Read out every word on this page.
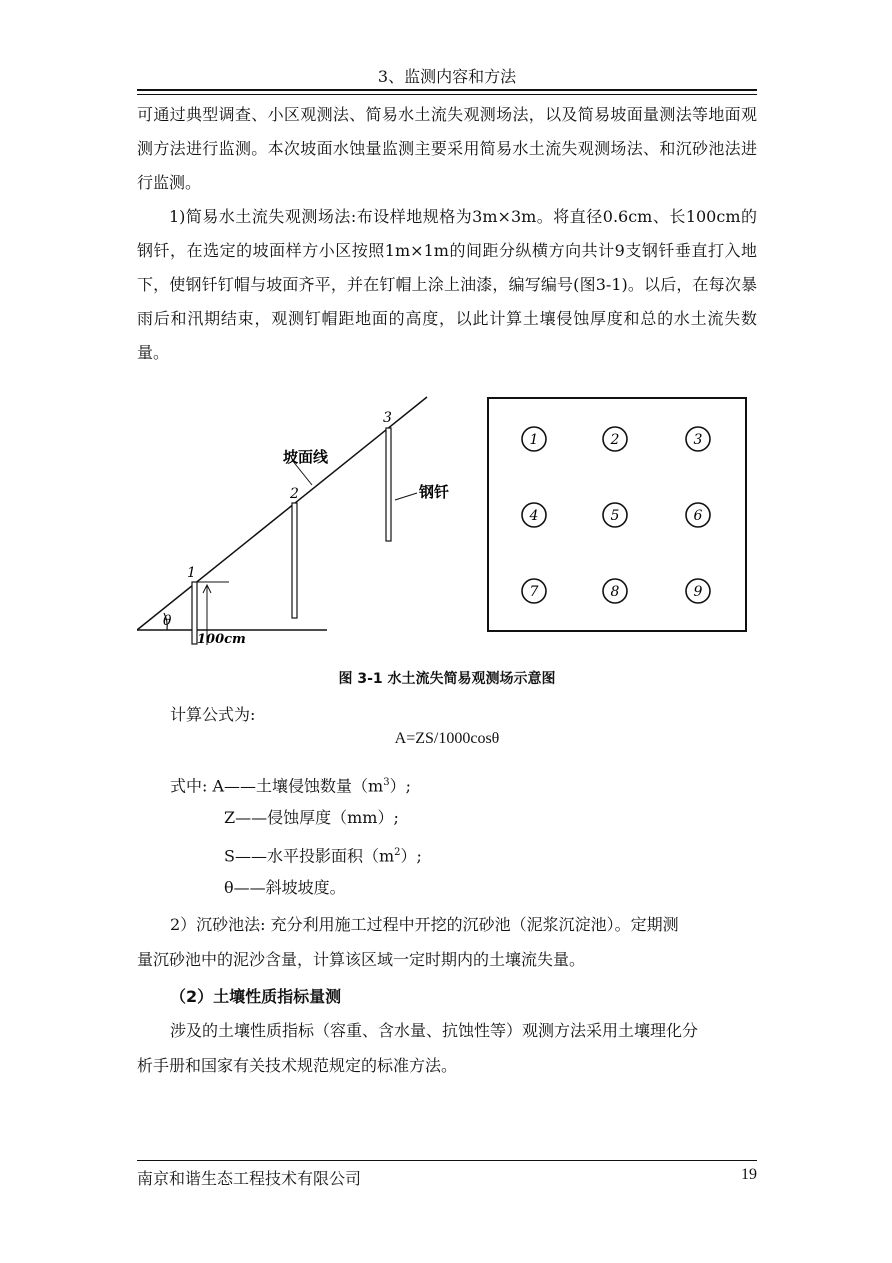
3、监测内容和方法

可通过典型调查、小区观测法、简易水土流失观测场法，以及简易坡面量测法等地面观测方法进行监测。本次坡面水蚀量监测主要采用简易水土流失观测场法、和沉砂池法进行监测。

1)简易水土流失观测场法:布设样地规格为3m×3m。将直径0.6cm、长100cm的钢钎，在选定的坡面样方小区按照1m×1m的间距分纵横方向共计9支钢钎垂直打入地下，使钢钎钉帽与坡面齐平，并在钉帽上涂上油漆，编写编号(图3-1)。以后，在每次暴雨后和汛期结束，观测钉帽距地面的高度，以此计算土壤侵蚀厚度和总的水土流失数量。

θ
1
100cm
2
3
坡面线
钢钎
1
4
7
2
5
8
3
6
9
图 3-1 水土流失简易观测场示意图

计算公式为:

A=ZS/1000cosθ

式中: A——土壤侵蚀数量$(m^3)$;

Z——侵蚀厚度（mm）;

S——水平投影面积$(m^2)$;

θ——斜坡坡度。

2）沉砂池法: 充分利用施工过程中开挖的沉砂池（泥浆沉淀池）。定期测

量沉砂池中的泥沙含量，计算该区域一定时期内的土壤流失量。

（2）土壤性质指标量测

涉及的土壤性质指标（容重、含水量、抗蚀性等）观测方法采用土壤理化分

析手册和国家有关技术规范规定的标准方法。

南京和谐生态工程技术有限公司	19
